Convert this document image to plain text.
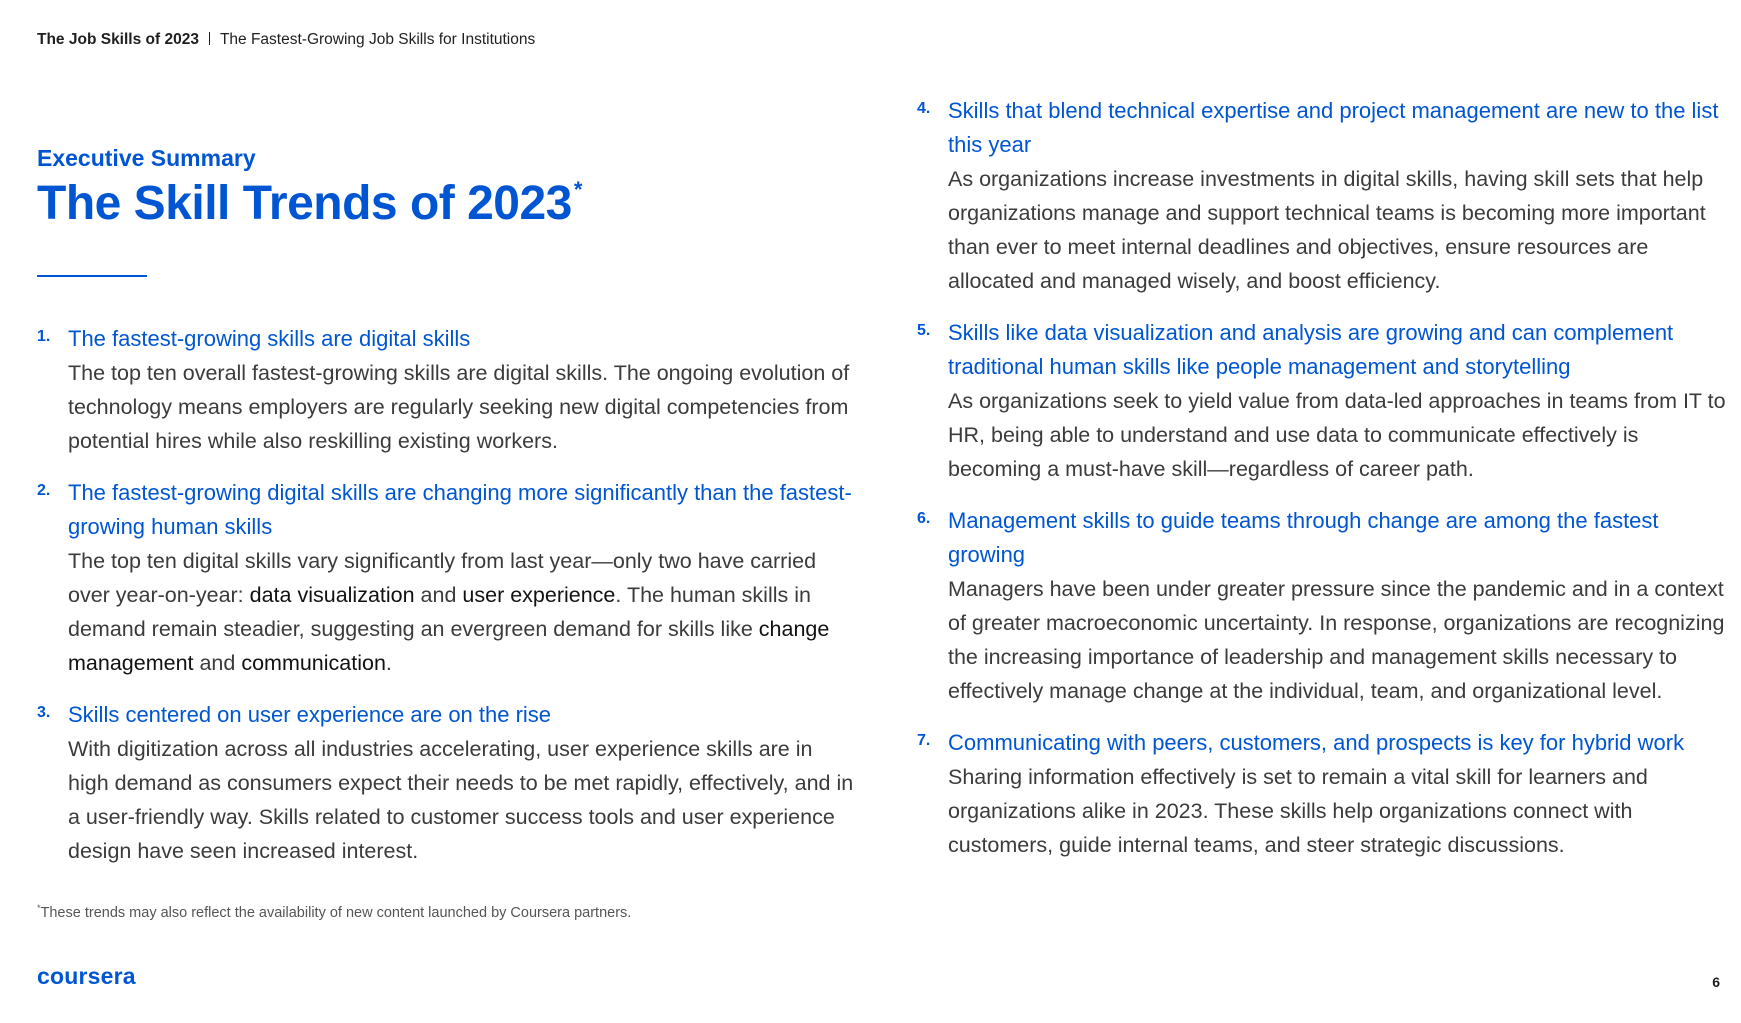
The Job Skills of 2023 The Fastest-Growing Job Skills for Institutions
Executive Summary
The Skill Trends of 2023*
1. The fastest-growing skills are digital skills
The top ten overall fastest-growing skills are digital skills. The ongoing evolution of technology means employers are regularly seeking new digital competencies from potential hires while also reskilling existing workers.
2. The fastest-growing digital skills are changing more significantly than the fastest-growing human skills
The top ten digital skills vary significantly from last year—only two have carried over year-on-year: data visualization and user experience. The human skills in demand remain steadier, suggesting an evergreen demand for skills like change management and communication.
3. Skills centered on user experience are on the rise
With digitization across all industries accelerating, user experience skills are in high demand as consumers expect their needs to be met rapidly, effectively, and in a user-friendly way. Skills related to customer success tools and user experience design have seen increased interest.
4. Skills that blend technical expertise and project management are new to the list this year
As organizations increase investments in digital skills, having skill sets that help organizations manage and support technical teams is becoming more important than ever to meet internal deadlines and objectives, ensure resources are allocated and managed wisely, and boost efficiency.
5. Skills like data visualization and analysis are growing and can complement traditional human skills like people management and storytelling
As organizations seek to yield value from data-led approaches in teams from IT to HR, being able to understand and use data to communicate effectively is becoming a must-have skill—regardless of career path.
6. Management skills to guide teams through change are among the fastest growing
Managers have been under greater pressure since the pandemic and in a context of greater macroeconomic uncertainty. In response, organizations are recognizing the increasing importance of leadership and management skills necessary to effectively manage change at the individual, team, and organizational level.
7. Communicating with peers, customers, and prospects is key for hybrid work
Sharing information effectively is set to remain a vital skill for learners and organizations alike in 2023. These skills help organizations connect with customers, guide internal teams, and steer strategic discussions.
*These trends may also reflect the availability of new content launched by Coursera partners.
coursera	6
